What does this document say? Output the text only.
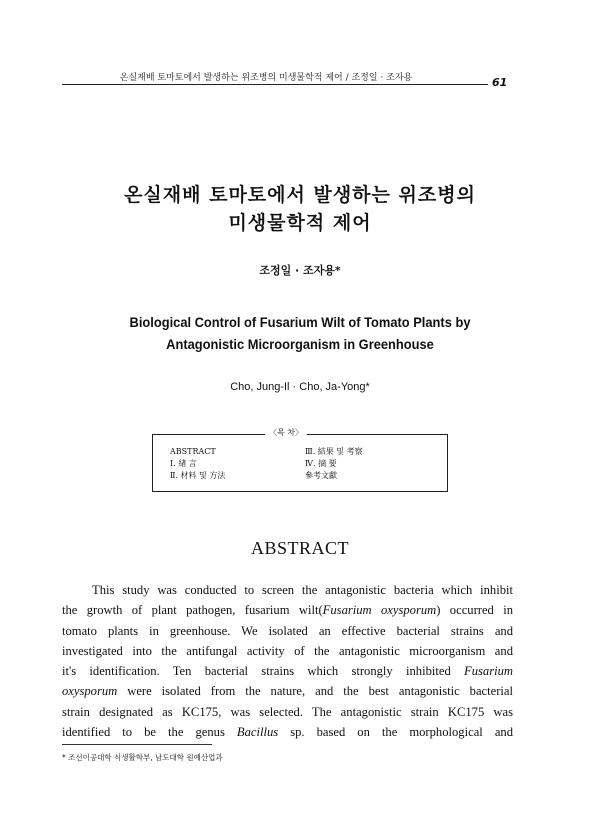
온실재배 토마토에서 발생하는 위조병의 미생물학적 제어 / 조정일 · 조자용	61
온실재배 토마토에서 발생하는 위조병의
미생물학적 제어
조정일 · 조자용*
Biological Control of Fusarium Wilt of Tomato Plants by
Antagonistic Microorganism in Greenhouse
Cho, Jung-Il · Cho, Ja-Yong*
〈목 차〉
ABSTRACT
Ⅰ. 緖 言
Ⅱ. 材料 및 方法
Ⅲ. 結果 및 考察
Ⅳ. 摘 要
參考文獻
ABSTRACT
This study was conducted to screen the antagonistic bacteria which inhibit
the growth of plant pathogen, fusarium wilt(Fusarium oxysporum) occurred in
tomato plants in greenhouse. We isolated an effective bacterial strains and
investigated into the antifungal activity of the antagonistic microorganism and
it's identification. Ten bacterial strains which strongly inhibited Fusarium
oxysporum were isolated from the nature, and the best antagonistic bacterial
strain designated as KC175, was selected. The antagonistic strain KC175 was
identified to be the genus Bacillus sp. based on the morphological and
* 조선이공대학 식생활학부, 남도대학 원예산업과
